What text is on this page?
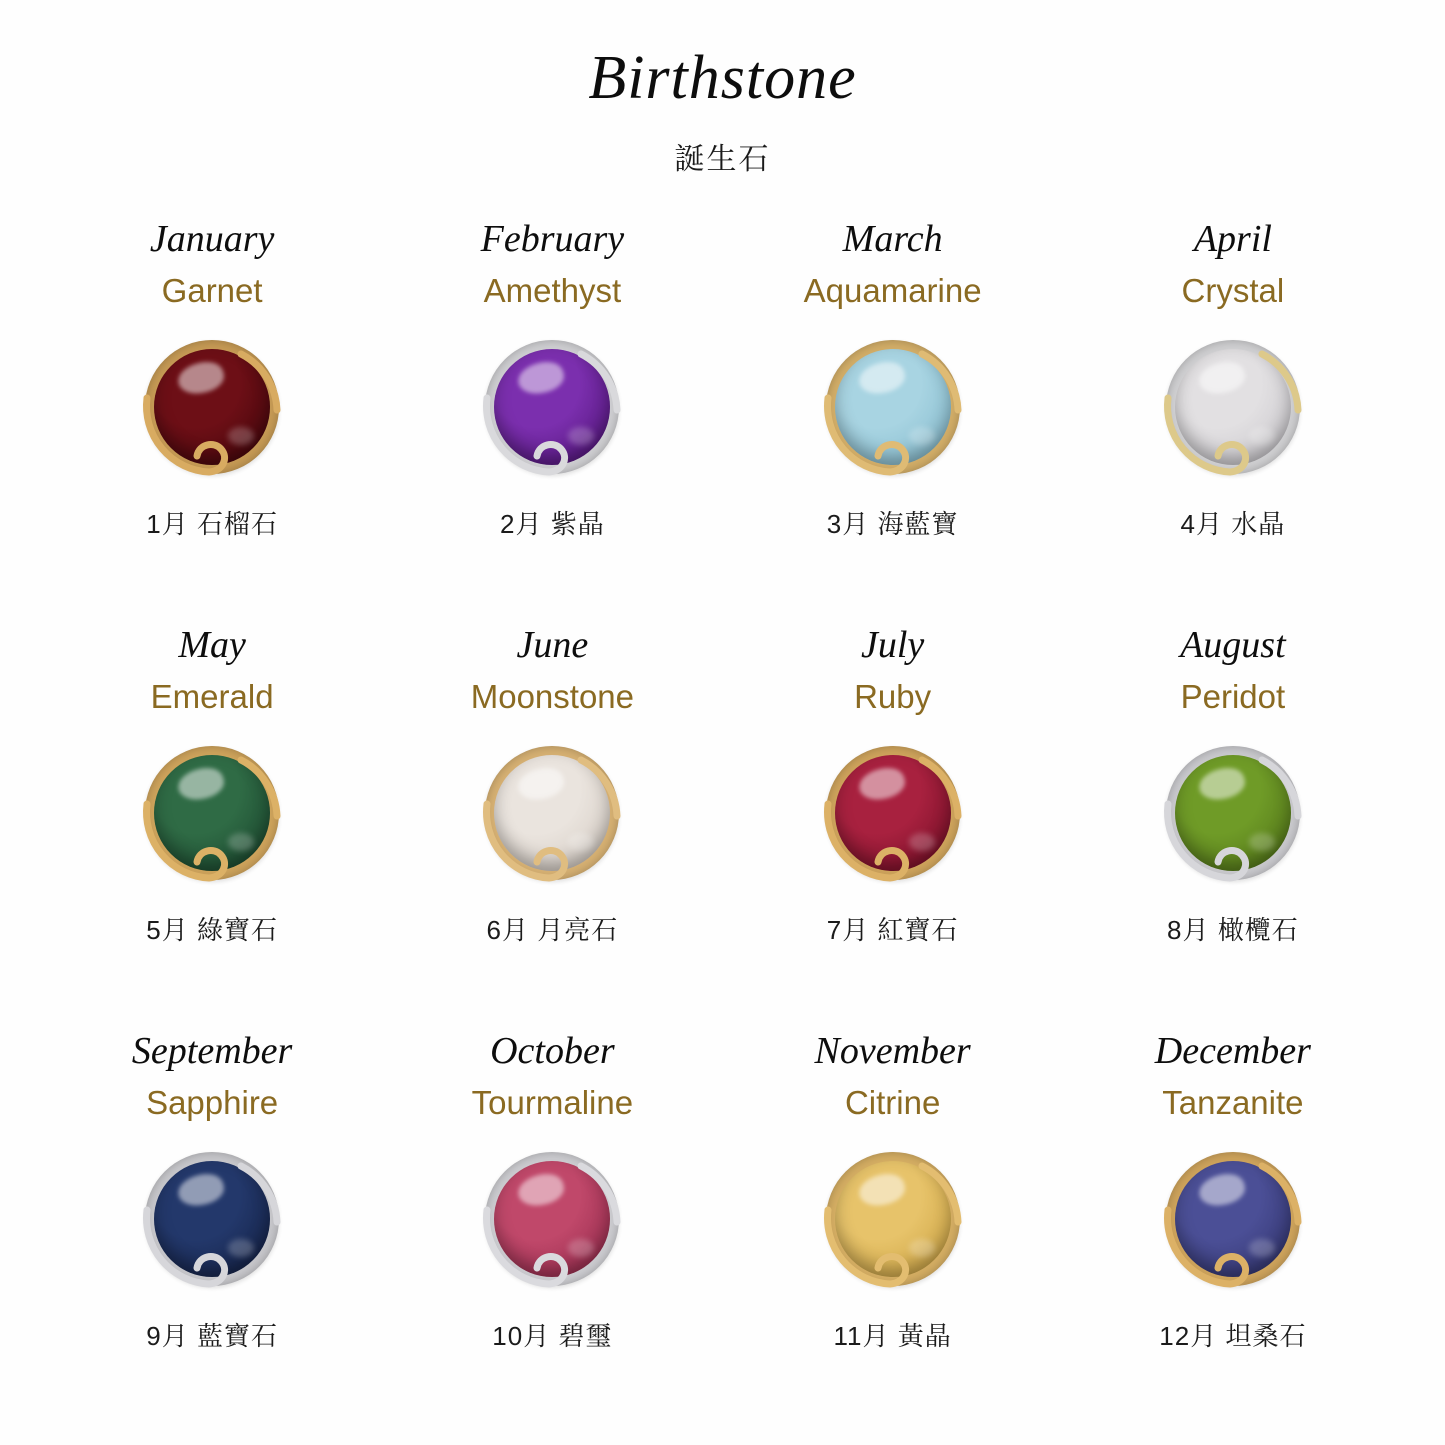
Birthstone
誕生石
January
Garnet
1月 石榴石
February
Amethyst
2月 紫晶
March
Aquamarine
3月 海藍寶
April
Crystal
4月 水晶
May
Emerald
5月 綠寶石
June
Moonstone
6月 月亮石
July
Ruby
7月 紅寶石
August
Peridot
8月 橄欖石
September
Sapphire
9月 藍寶石
October
Tourmaline
10月 碧璽
November
Citrine
11月 黃晶
December
Tanzanite
12月 坦桑石
